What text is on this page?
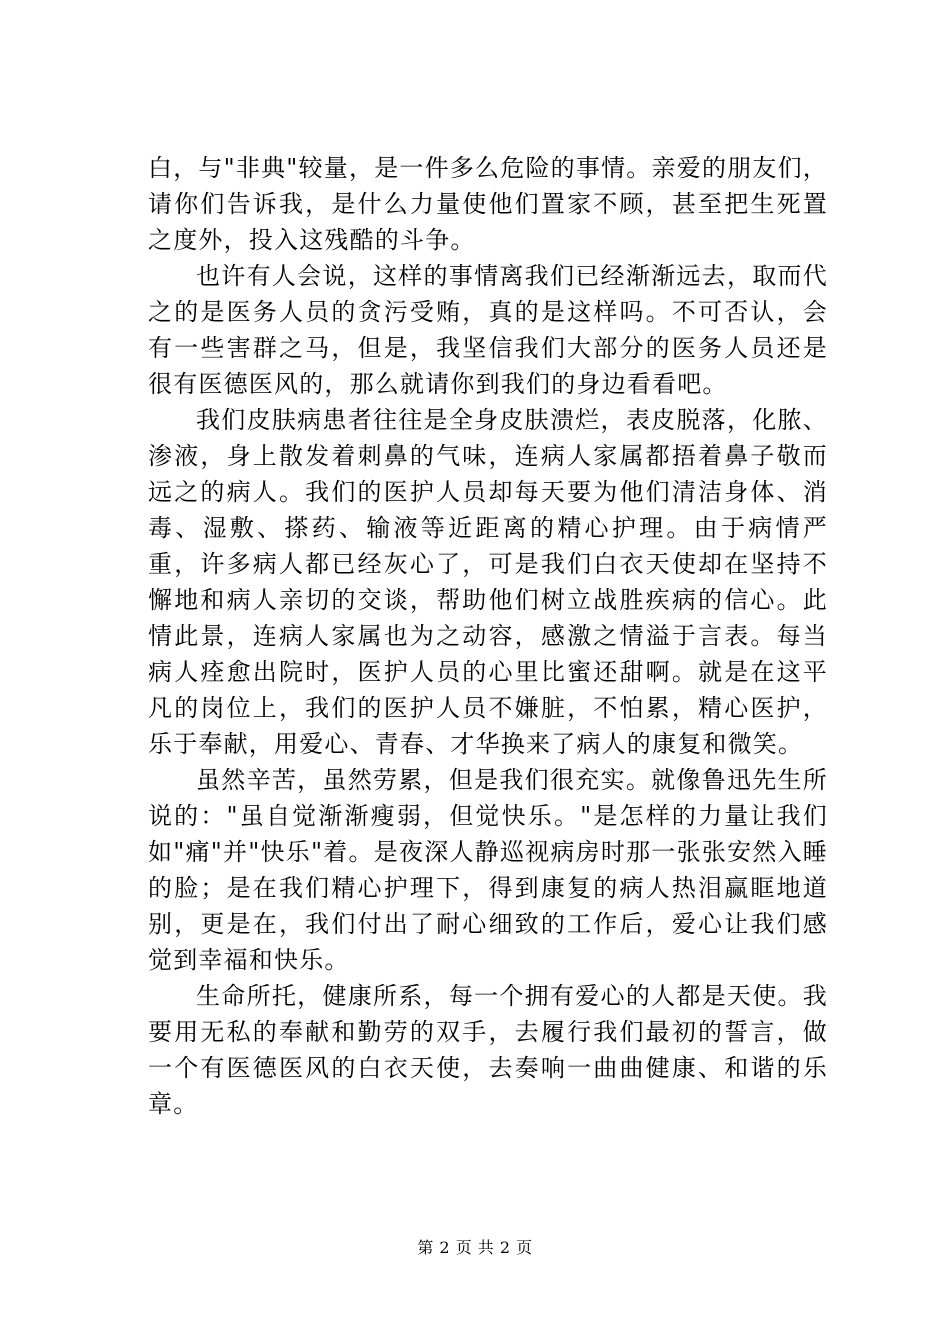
白，与"非典"较量，是一件多么危险的事情。亲爱的朋友们，请你们告诉我，是什么力量使他们置家不顾，甚至把生死置之度外，投入这残酷的斗争。

也许有人会说，这样的事情离我们已经渐渐远去，取而代之的是医务人员的贪污受贿，真的是这样吗。不可否认，会有一些害群之马，但是，我坚信我们大部分的医务人员还是很有医德医风的，那么就请你到我们的身边看看吧。

我们皮肤病患者往往是全身皮肤溃烂，表皮脱落，化脓、渗液，身上散发着刺鼻的气味，连病人家属都捂着鼻子敬而远之的病人。我们的医护人员却每天要为他们清洁身体、消毒、湿敷、搽药、输液等近距离的精心护理。由于病情严重，许多病人都已经灰心了，可是我们白衣天使却在坚持不懈地和病人亲切的交谈，帮助他们树立战胜疾病的信心。此情此景，连病人家属也为之动容，感激之情溢于言表。每当病人痊愈出院时，医护人员的心里比蜜还甜啊。就是在这平凡的岗位上，我们的医护人员不嫌脏，不怕累，精心医护，乐于奉献，用爱心、青春、才华换来了病人的康复和微笑。

虽然辛苦，虽然劳累，但是我们很充实。就像鲁迅先生所说的："虽自觉渐渐瘦弱，但觉快乐。"是怎样的力量让我们如"痛"并"快乐"着。是夜深人静巡视病房时那一张张安然入睡的脸；是在我们精心护理下，得到康复的病人热泪赢眶地道别，更是在，我们付出了耐心细致的工作后，爱心让我们感觉到幸福和快乐。

生命所托，健康所系，每一个拥有爱心的人都是天使。我要用无私的奉献和勤劳的双手，去履行我们最初的誓言，做一个有医德医风的白衣天使，去奏响一曲曲健康、和谐的乐章。

第 2 页 共 2 页
